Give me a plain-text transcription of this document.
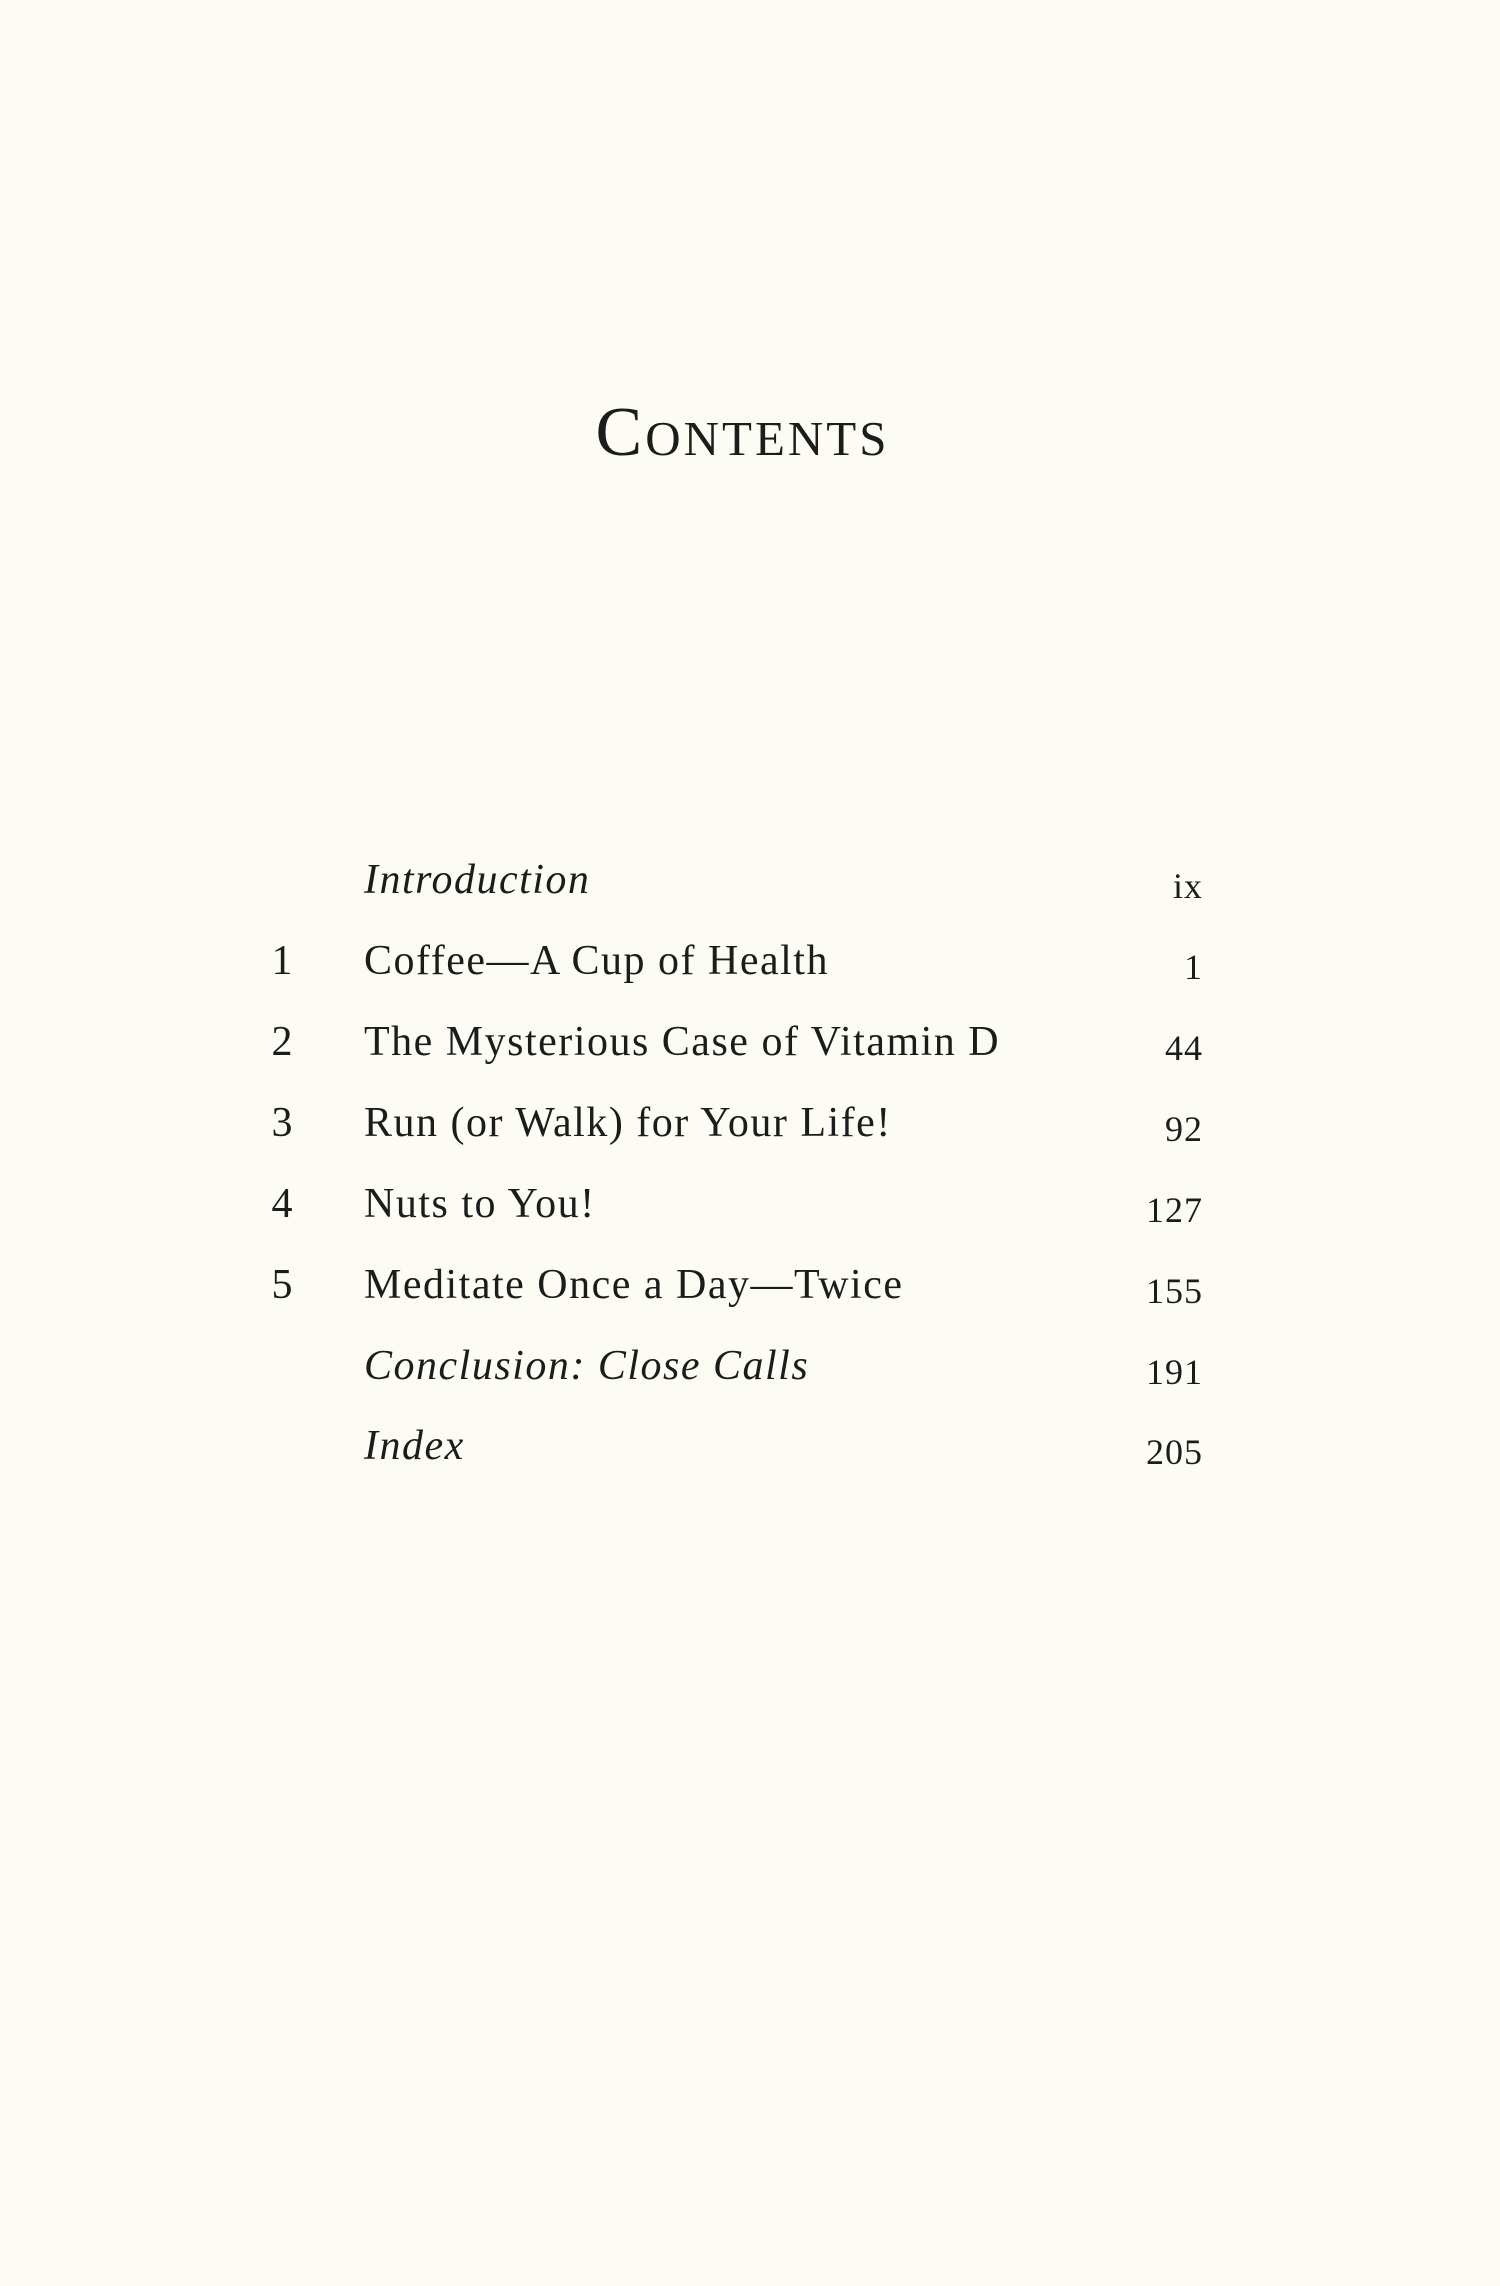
Contents
Introduction	ix
1 Coffee—A Cup of Health	1
2 The Mysterious Case of Vitamin D	44
3 Run (or Walk) for Your Life!	92
4 Nuts to You!	127
5 Meditate Once a Day—Twice	155
Conclusion: Close Calls	191
Index	205
